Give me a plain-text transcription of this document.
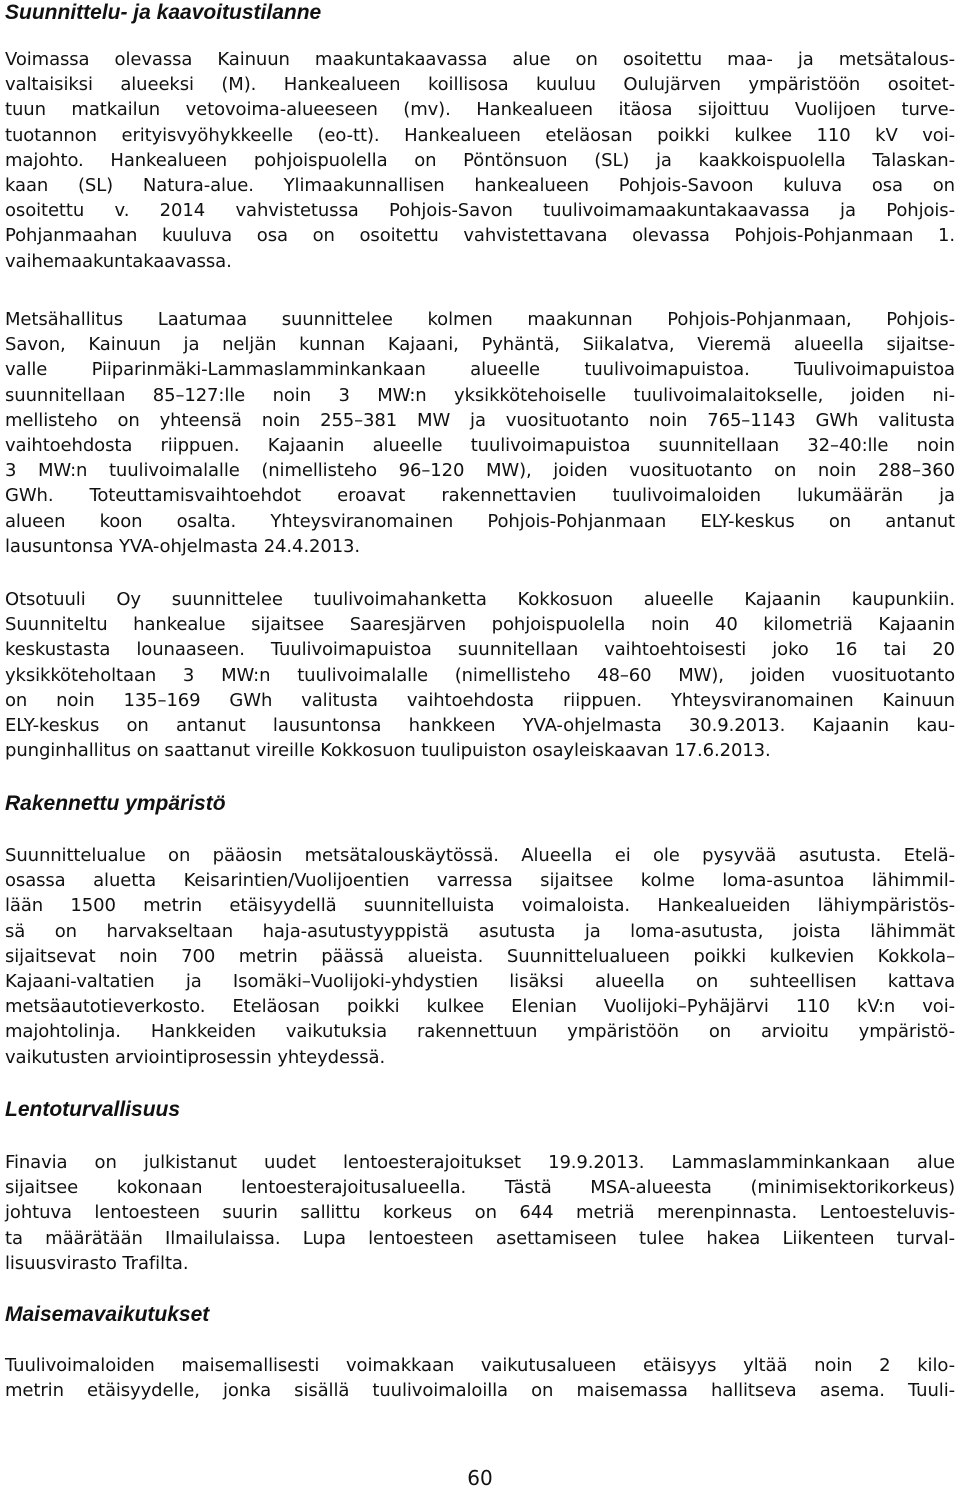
Suunnittelu- ja kaavoitustilanne
Voimassa olevassa Kainuun maakuntakaavassa alue on osoitettu maa- ja metsätalous-
valtaisiksi alueeksi (M). Hankealueen koillisosa kuuluu Oulujärven ympäristöön osoitet-
tuun matkailun vetovoima-alueeseen (mv). Hankealueen itäosa sijoittuu Vuolijoen turve-
tuotannon erityisvyöhykkeelle (eo-tt). Hankealueen eteläosan poikki kulkee 110 kV voi-
majohto. Hankealueen pohjoispuolella on Pöntönsuon (SL) ja kaakkoispuolella Talaskan-
kaan (SL) Natura-alue. Ylimaakunnallisen hankealueen Pohjois-Savoon kuluva osa on
osoitettu v. 2014 vahvistetussa Pohjois-Savon tuulivoimamaakuntakaavassa ja Pohjois-
Pohjanmaahan kuuluva osa on osoitettu vahvistettavana olevassa Pohjois-Pohjanmaan 1.
vaihemaakuntakaavassa.
Metsähallitus Laatumaa suunnittelee kolmen maakunnan Pohjois-Pohjanmaan, Pohjois-
Savon, Kainuun ja neljän kunnan Kajaani, Pyhäntä, Siikalatva, Vieremä alueella sijaitse-
valle Piiparinmäki-Lammaslamminkankaan alueelle tuulivoimapuistoa. Tuulivoimapuistoa
suunnitellaan 85–127:lle noin 3 MW:n yksikkötehoiselle tuulivoimalaitokselle, joiden ni-
mellisteho on yhteensä noin 255–381 MW ja vuosituotanto noin 765–1143 GWh valitusta
vaihtoehdosta riippuen. Kajaanin alueelle tuulivoimapuistoa suunnitellaan 32–40:lle noin
3 MW:n tuulivoimalalle (nimellisteho 96–120 MW), joiden vuosituotanto on noin 288–360
GWh. Toteuttamisvaihtoehdot eroavat rakennettavien tuulivoimaloiden lukumäärän ja
alueen koon osalta. Yhteysviranomainen Pohjois-Pohjanmaan ELY-keskus on antanut
lausuntonsa YVA-ohjelmasta 24.4.2013.
Otsotuuli Oy suunnittelee tuulivoimahanketta Kokkosuon alueelle Kajaanin kaupunkiin.
Suunniteltu hankealue sijaitsee Saaresjärven pohjoispuolella noin 40 kilometriä Kajaanin
keskustasta lounaaseen. Tuulivoimapuistoa suunnitellaan vaihtoehtoisesti joko 16 tai 20
yksikköteholtaan 3 MW:n tuulivoimalalle (nimellisteho 48–60 MW), joiden vuosituotanto
on noin 135–169 GWh valitusta vaihtoehdosta riippuen. Yhteysviranomainen Kainuun
ELY-keskus on antanut lausuntonsa hankkeen YVA-ohjelmasta 30.9.2013. Kajaanin kau-
punginhallitus on saattanut vireille Kokkosuon tuulipuiston osayleiskaavan 17.6.2013.
Rakennettu ympäristö
Suunnittelualue on pääosin metsätalouskäytössä. Alueella ei ole pysyvää asutusta. Etelä-
osassa aluetta Keisarintien/Vuolijoentien varressa sijaitsee kolme loma-asuntoa lähimmil-
lään 1500 metrin etäisyydellä suunnitelluista voimaloista. Hankealueiden lähiympäristös-
sä on harvakseltaan haja-asutustyyppistä asutusta ja loma-asutusta, joista lähimmät
sijaitsevat noin 700 metrin päässä alueista. Suunnittelualueen poikki kulkevien Kokkola–
Kajaani-valtatien ja Isomäki–Vuolijoki-yhdystien lisäksi alueella on suhteellisen kattava
metsäautotieverkosto. Eteläosan poikki kulkee Elenian Vuolijoki–Pyhäjärvi 110 kV:n voi-
majohtolinja. Hankkeiden vaikutuksia rakennettuun ympäristöön on arvioitu ympäristö-
vaikutusten arviointiprosessin yhteydessä.
Lentoturvallisuus
Finavia on julkistanut uudet lentoesterajoitukset 19.9.2013. Lammaslamminkankaan alue
sijaitsee kokonaan lentoesterajoitusalueella. Tästä MSA-alueesta (minimisektorikorkeus)
johtuva lentoesteen suurin sallittu korkeus on 644 metriä merenpinnasta. Lentoesteluvis-
ta määrätään Ilmailulaissa. Lupa lentoesteen asettamiseen tulee hakea Liikenteen turval-
lisuusvirasto Trafilta.
Maisemavaikutukset
Tuulivoimaloiden maisemallisesti voimakkaan vaikutusalueen etäisyys yltää noin 2 kilo-
metrin etäisyydelle, jonka sisällä tuulivoimaloilla on maisemassa hallitseva asema. Tuuli-
60
